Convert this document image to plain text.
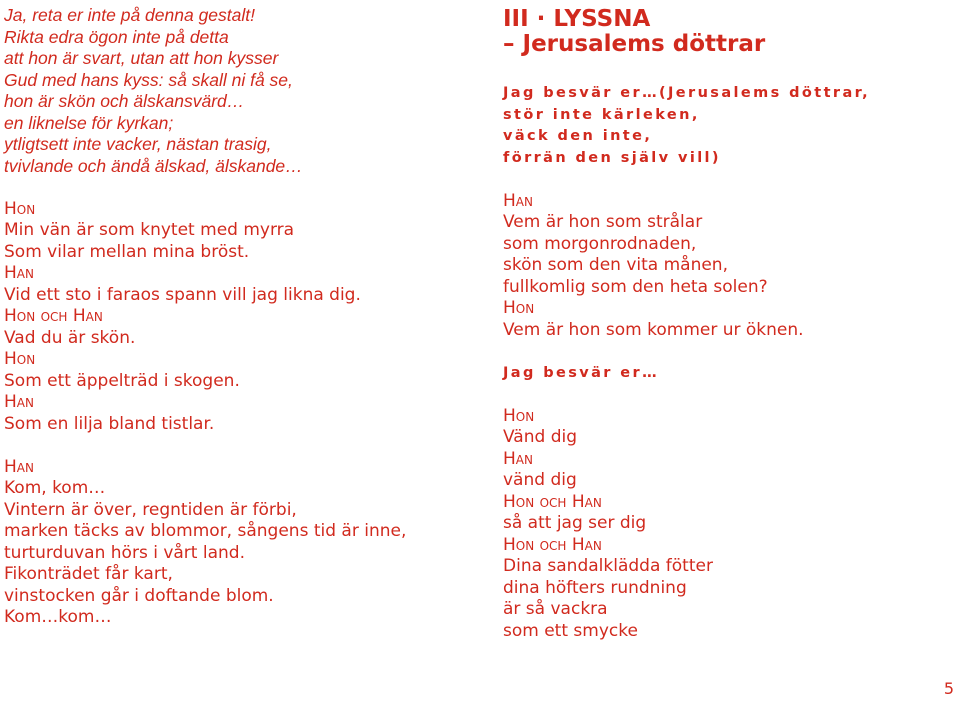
Ja, reta er inte på denna gestalt!
Rikta edra ögon inte på detta
att hon är svart, utan att hon kysser
Gud med hans kyss: så skall ni få se,
hon är skön och älskansvärd…
en liknelse för kyrkan;
ytligtsett inte vacker, nästan trasig,
tvivlande och ändå älskad, älskande…
Hon
Min vän är som knytet med myrra
Som vilar mellan mina bröst.
Han
Vid ett sto i faraos spann vill jag likna dig.
Hon och Han
Vad du är skön.
Hon
Som ett äppelträd i skogen.
Han
Som en lilja bland tistlar.
Han
Kom, kom…
Vintern är över, regntiden är förbi,
marken täcks av blommor, sångens tid är inne,
turturduvan hörs i vårt land.
Fikonträdet får kart,
vinstocken går i doftande blom.
Kom…kom…
III · LYSSNA
– Jerusalems döttrar
Jag besvär er…(Jerusalems döttrar,
stör inte kärleken,
väck den inte,
förrän den själv vill)
Han
Vem är hon som strålar
som morgonrodnaden,
skön som den vita månen,
fullkomlig som den heta solen?
Hon
Vem är hon som kommer ur öknen.
Jag besvär er…
Hon
Vänd dig
Han
vänd dig
Hon och Han
så att jag ser dig
Hon och Han
Dina sandalklädda fötter
dina höfters rundning
är så vackra
som ett smycke
5
